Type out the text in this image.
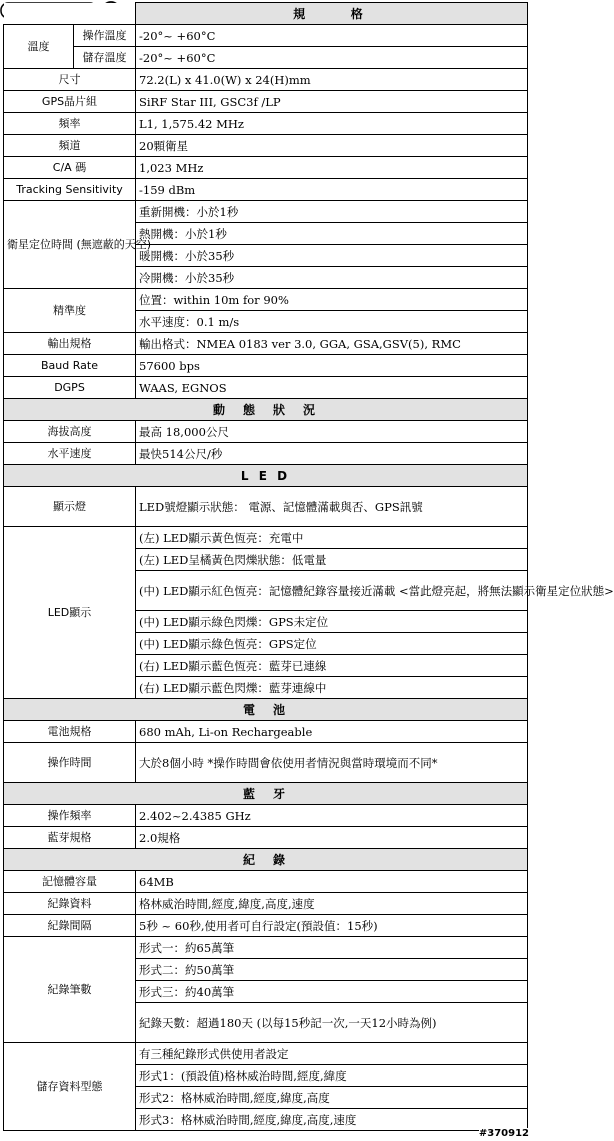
		規　　格
溫度	操作溫度	-20°~ +60°C
	儲存溫度	-20°~ +60°C
尺寸		72.2(L) x 41.0(W) x 24(H)mm
GPS晶片組		SiRF Star III, GSC3f /LP
頻率		L1, 1,575.42 MHz
頻道		20顆衛星
C/A 碼		1,023 MHz
Tracking Sensitivity		-159 dBm
衛星定位時間 (無遮蔽的天空)		重新開機：小於1秒
		熱開機：小於1秒
		暖開機：小於35秒
		冷開機：小於35秒
精準度		位置：within 10m for 90%
		水平速度：0.1 m/s
輸出規格		輸出格式：NMEA 0183 ver 3.0, GGA, GSA,GSV(5), RMC
Baud Rate		57600 bps
DGPS		WAAS, EGNOS
動　態　狀　況		
海拔高度		最高 18,000公尺
水平速度		最快514公尺/秒
L E D		
顯示燈		LED號燈顯示狀態： 電源、記憶體滿載與否、GPS訊號
LED顯示		(左) LED顯示黃色恆亮：充電中
		(左) LED呈橘黃色閃爍狀態：低電量
		(中) LED顯示紅色恆亮：記憶體紀錄容量接近滿載 <當此燈亮起，將無法顯示衛星定位狀態>
		(中) LED顯示綠色閃爍：GPS未定位
		(中) LED顯示綠色恆亮：GPS定位
		(右) LED顯示藍色恆亮：藍芽已連線
		(右) LED顯示藍色閃爍：藍芽連線中
電　池		
電池規格		680 mAh, Li-on Rechargeable
操作時間		大於8個小時 *操作時間會依使用者情況與當時環境而不同*
藍　牙		
操作頻率		2.402~2.4385 GHz
藍芽規格		2.0規格
紀　錄		
記憶體容量		64MB
紀錄資料		格林威治時間,經度,緯度,高度,速度
紀錄間隔		5秒 ~ 60秒,使用者可自行設定(預設值：15秒)
紀錄筆數		形式一：約65萬筆
		形式二：約50萬筆
		形式三：約40萬筆
		紀錄天數：超過180天 (以每15秒記一次,一天12小時為例)
儲存資料型態		有三種紀錄形式供使用者設定
		形式1：(預設值)格林威治時間,經度,緯度
		形式2：格林威治時間,經度,緯度,高度
		形式3：格林威治時間,經度,緯度,高度,速度
#370912
